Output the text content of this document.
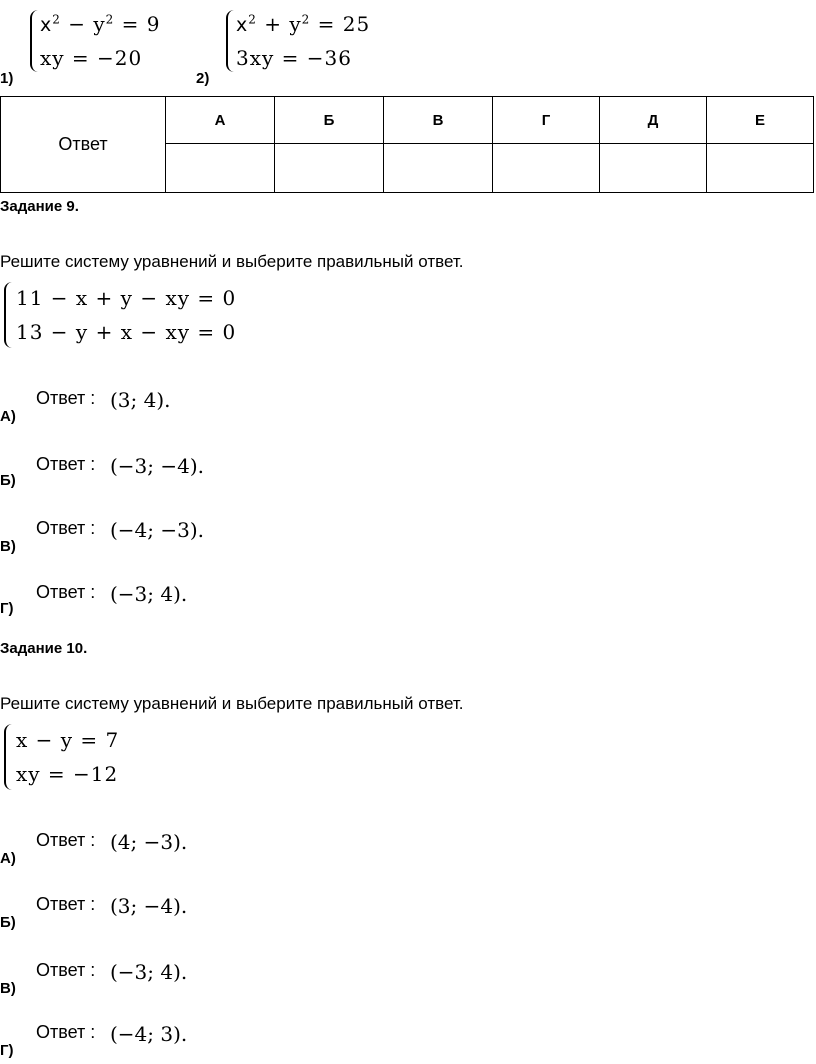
$x^2 - y^2 = 9$
xy = −20
1)
$x^2 + y^2 = 25$
3xy = −36
2)
Ответ	А	Б	В	Г	Д	Е

Задание 9.
Решите систему уравнений и выберите правильный ответ.
11 − x + y − xy = 0
13 − y + x − xy = 0
А)
Ответ : (3; 4).
Б)
Ответ : (−3; −4).
В)
Ответ : (−4; −3).
Г)
Ответ : (−3; 4).
Задание 10.
Решите систему уравнений и выберите правильный ответ.
x − y = 7
xy = −12
А)
Ответ : (4; −3).
Б)
Ответ : (3; −4).
В)
Ответ : (−3; 4).
Г)
Ответ : (−4; 3).
